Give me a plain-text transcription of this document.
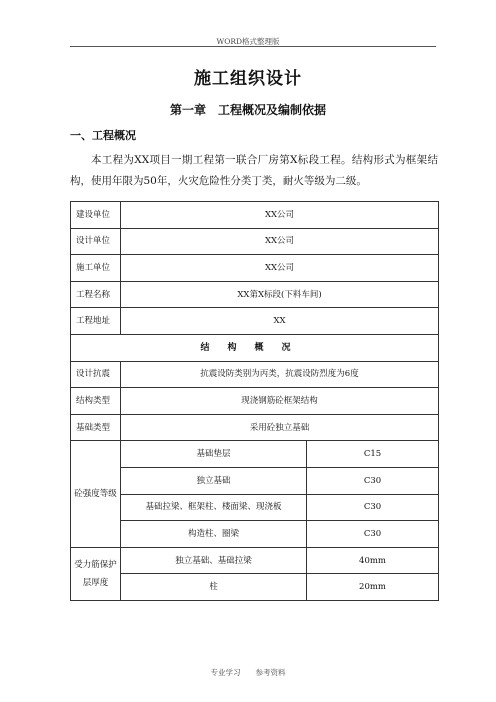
WORD格式整理版
施工组织设计
第一章　工程概况及编制依据
一、工程概况
本工程为XX项目一期工程第一联合厂房第X标段工程。结构形式为框架结构，使用年限为50年，火灾危险性分类丁类，耐火等级为二级。
建设单位	XX公司	
设计单位	XX公司	
施工单位	XX公司	
工程名称	XX第X标段(下料车间)	
工程地址	XX	
结构概况		
设计抗震	抗震设防类别为丙类，抗震设防烈度为6度	
结构类型	现浇钢筋砼框架结构	
基础类型	采用砼独立基础	
砼强度等级	基础垫层	C15
	独立基础	C30
	基础拉梁、框架柱、楼面梁、现浇板	C30
	构造柱、圈梁	C30
受力筋保护层厚度	独立基础、基础拉梁	40mm
	柱	20mm
专业学习　　参考资料
